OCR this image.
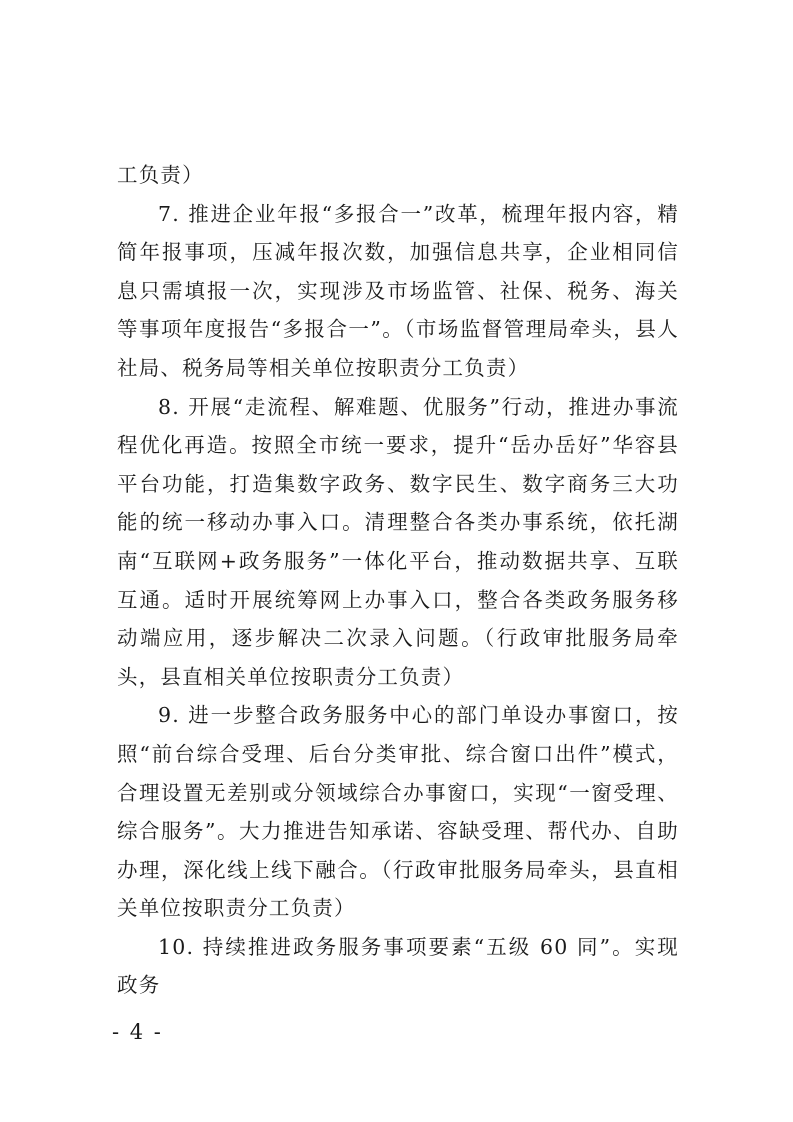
工负责）

7. 推进企业年报“多报合一”改革，梳理年报内容，精简年报事项，压减年报次数，加强信息共享，企业相同信息只需填报一次，实现涉及市场监管、社保、税务、海关等事项年度报告“多报合一”。（市场监督管理局牵头，县人社局、税务局等相关单位按职责分工负责）

8. 开展“走流程、解难题、优服务”行动，推进办事流程优化再造。按照全市统一要求，提升“岳办岳好”华容县平台功能，打造集数字政务、数字民生、数字商务三大功能的统一移动办事入口。清理整合各类办事系统，依托湖南“互联网+政务服务”一体化平台，推动数据共享、互联互通。适时开展统筹网上办事入口，整合各类政务服务移动端应用，逐步解决二次录入问题。（行政审批服务局牵头，县直相关单位按职责分工负责）

9. 进一步整合政务服务中心的部门单设办事窗口，按照“前台综合受理、后台分类审批、综合窗口出件”模式，合理设置无差别或分领域综合办事窗口，实现“一窗受理、综合服务”。大力推进告知承诺、容缺受理、帮代办、自助办理，深化线上线下融合。（行政审批服务局牵头，县直相关单位按职责分工负责）

10. 持续推进政务服务事项要素“五级 60 同”。实现政务

- 4 -
